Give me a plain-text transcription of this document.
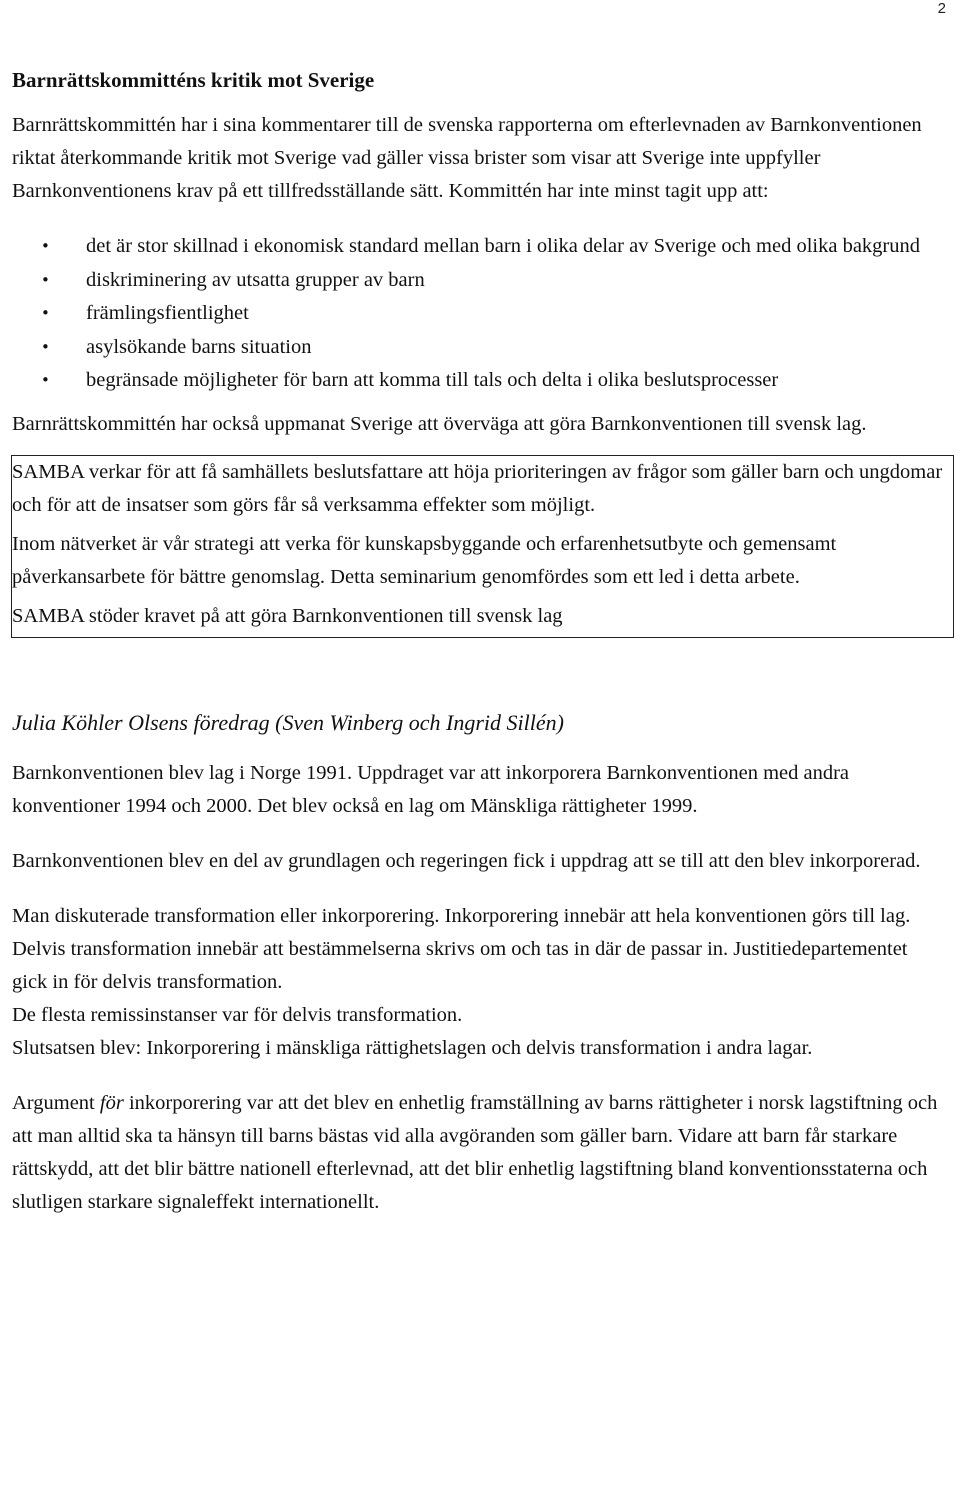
2

Barnrättskommitténs kritik mot Sverige

Barnrättskommittén har i sina kommentarer till de svenska rapporterna om efterlevnaden av Barnkonventionen riktat återkommande kritik mot Sverige vad gäller vissa brister som visar att Sverige inte uppfyller Barnkonventionens krav på ett tillfredsställande sätt. Kommittén har inte minst tagit upp att:

• det är stor skillnad i ekonomisk standard mellan barn i olika delar av Sverige och med olika bakgrund
• diskriminering av utsatta grupper av barn
• främlingsfientlighet
• asylsökande barns situation
• begränsade möjligheter för barn att komma till tals och delta i olika beslutsprocesser

Barnrättskommittén har också uppmanat Sverige att överväga att göra Barnkonventionen till svensk lag.

SAMBA verkar för att få samhällets beslutsfattare att höja prioriteringen av frågor som gäller barn och ungdomar och för att de insatser som görs får så verksamma effekter som möjligt.

Inom nätverket är vår strategi att verka för kunskapsbyggande och erfarenhetsutbyte och gemensamt påverkansarbete för bättre genomslag. Detta seminarium genomfördes som ett led i detta arbete.

SAMBA stöder kravet på att göra Barnkonventionen till svensk lag

Julia Köhler Olsens föredrag (Sven Winberg och Ingrid Sillén)

Barnkonventionen blev lag i Norge 1991. Uppdraget var att inkorporera Barnkonventionen med andra konventioner 1994 och 2000. Det blev också en lag om Mänskliga rättigheter 1999.

Barnkonventionen blev en del av grundlagen och regeringen fick i uppdrag att se till att den blev inkorporerad.

Man diskuterade transformation eller inkorporering. Inkorporering innebär att hela konventionen görs till lag. Delvis transformation innebär att bestämmelserna skrivs om och tas in där de passar in. Justitiedepartementet gick in för delvis transformation.

De flesta remissinstanser var för delvis transformation.

Slutsatsen blev: Inkorporering i mänskliga rättighetslagen och delvis transformation i andra lagar.

Argument för inkorporering var att det blev en enhetlig framställning av barns rättigheter i norsk lagstiftning och att man alltid ska ta hänsyn till barns bästas vid alla avgöranden som gäller barn. Vidare att barn får starkare rättskydd, att det blir bättre nationell efterlevnad, att det blir enhetlig lagstiftning bland konventionsstaterna och slutligen starkare signaleffekt internationellt.
